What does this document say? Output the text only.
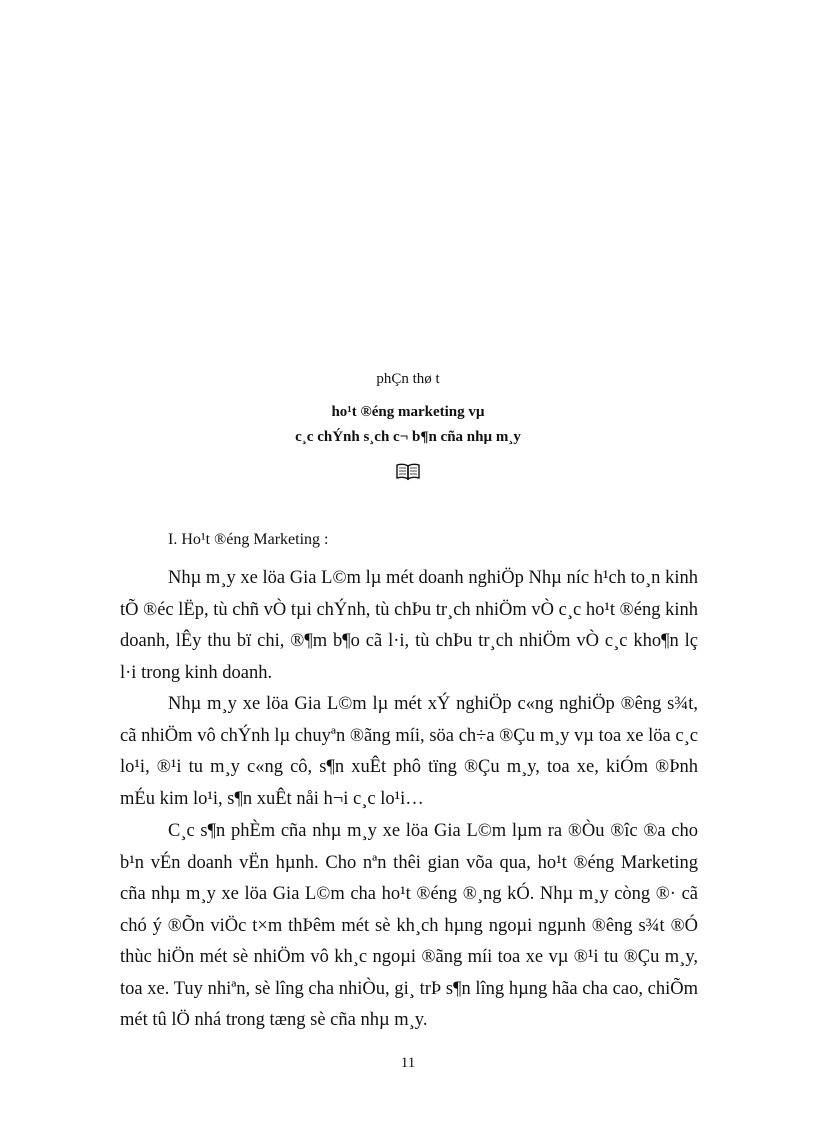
phÇn thø t
ho¹t ®éng marketing vµ
c¸c chÝnh s¸ch c¬ b¶n cña nhµ m¸y
I. Ho¹t ®éng Marketing :

Nhµ m¸y xe löa Gia L©m lµ mét doanh nghiÖp Nhµ níc h¹ch to¸n kinh tÕ ®éc lËp, tù chñ vÒ tµi chÝnh, tù chÞu tr¸ch nhiÖm vÒ c¸c ho¹t ®éng kinh doanh, lÊy thu bï chi, ®¶m b¶o cã l·i, tù chÞu tr¸ch nhiÖm vÒ c¸c kho¶n lç l·i trong kinh doanh.

Nhµ m¸y xe löa Gia L©m lµ mét xÝ nghiÖp c«ng nghiÖp ®êng s¾t, cã nhiÖm vô chÝnh lµ chuyªn ®ãng míi, söa ch÷a ®Çu m¸y vµ toa xe löa c¸c lo¹i, ®¹i tu m¸y c«ng cô, s¶n xuÊt phô tïng ®Çu m¸y, toa xe, kiÓm ®Þnh mÉu kim lo¹i, s¶n xuÊt nåi h¬i c¸c lo¹i…

C¸c s¶n phÈm cña nhµ m¸y xe löa Gia L©m lµm ra ®Òu ®îc ®a cho b¹n vÉn doanh vËn hµnh. Cho nªn thêi gian võa qua, ho¹t ®éng Marketing cña nhµ m¸y xe löa Gia L©m cha ho¹t ®éng ®¸ng kÓ. Nhµ m¸y còng ®· cã chó ý ®Õn viÖc t×m thÞêm mét sè kh¸ch hµng ngoµi ngµnh ®êng s¾t ®Ó thùc hiÖn mét sè nhiÖm vô kh¸c ngoµi ®ãng míi toa xe vµ ®¹i tu ®Çu m¸y, toa xe. Tuy nhiªn, sè lîng cha nhiÒu, gi¸ trÞ s¶n lîng hµng hãa cha cao, chiÕm mét tû lÖ nhá trong tæng sè cña nhµ m¸y.

11
